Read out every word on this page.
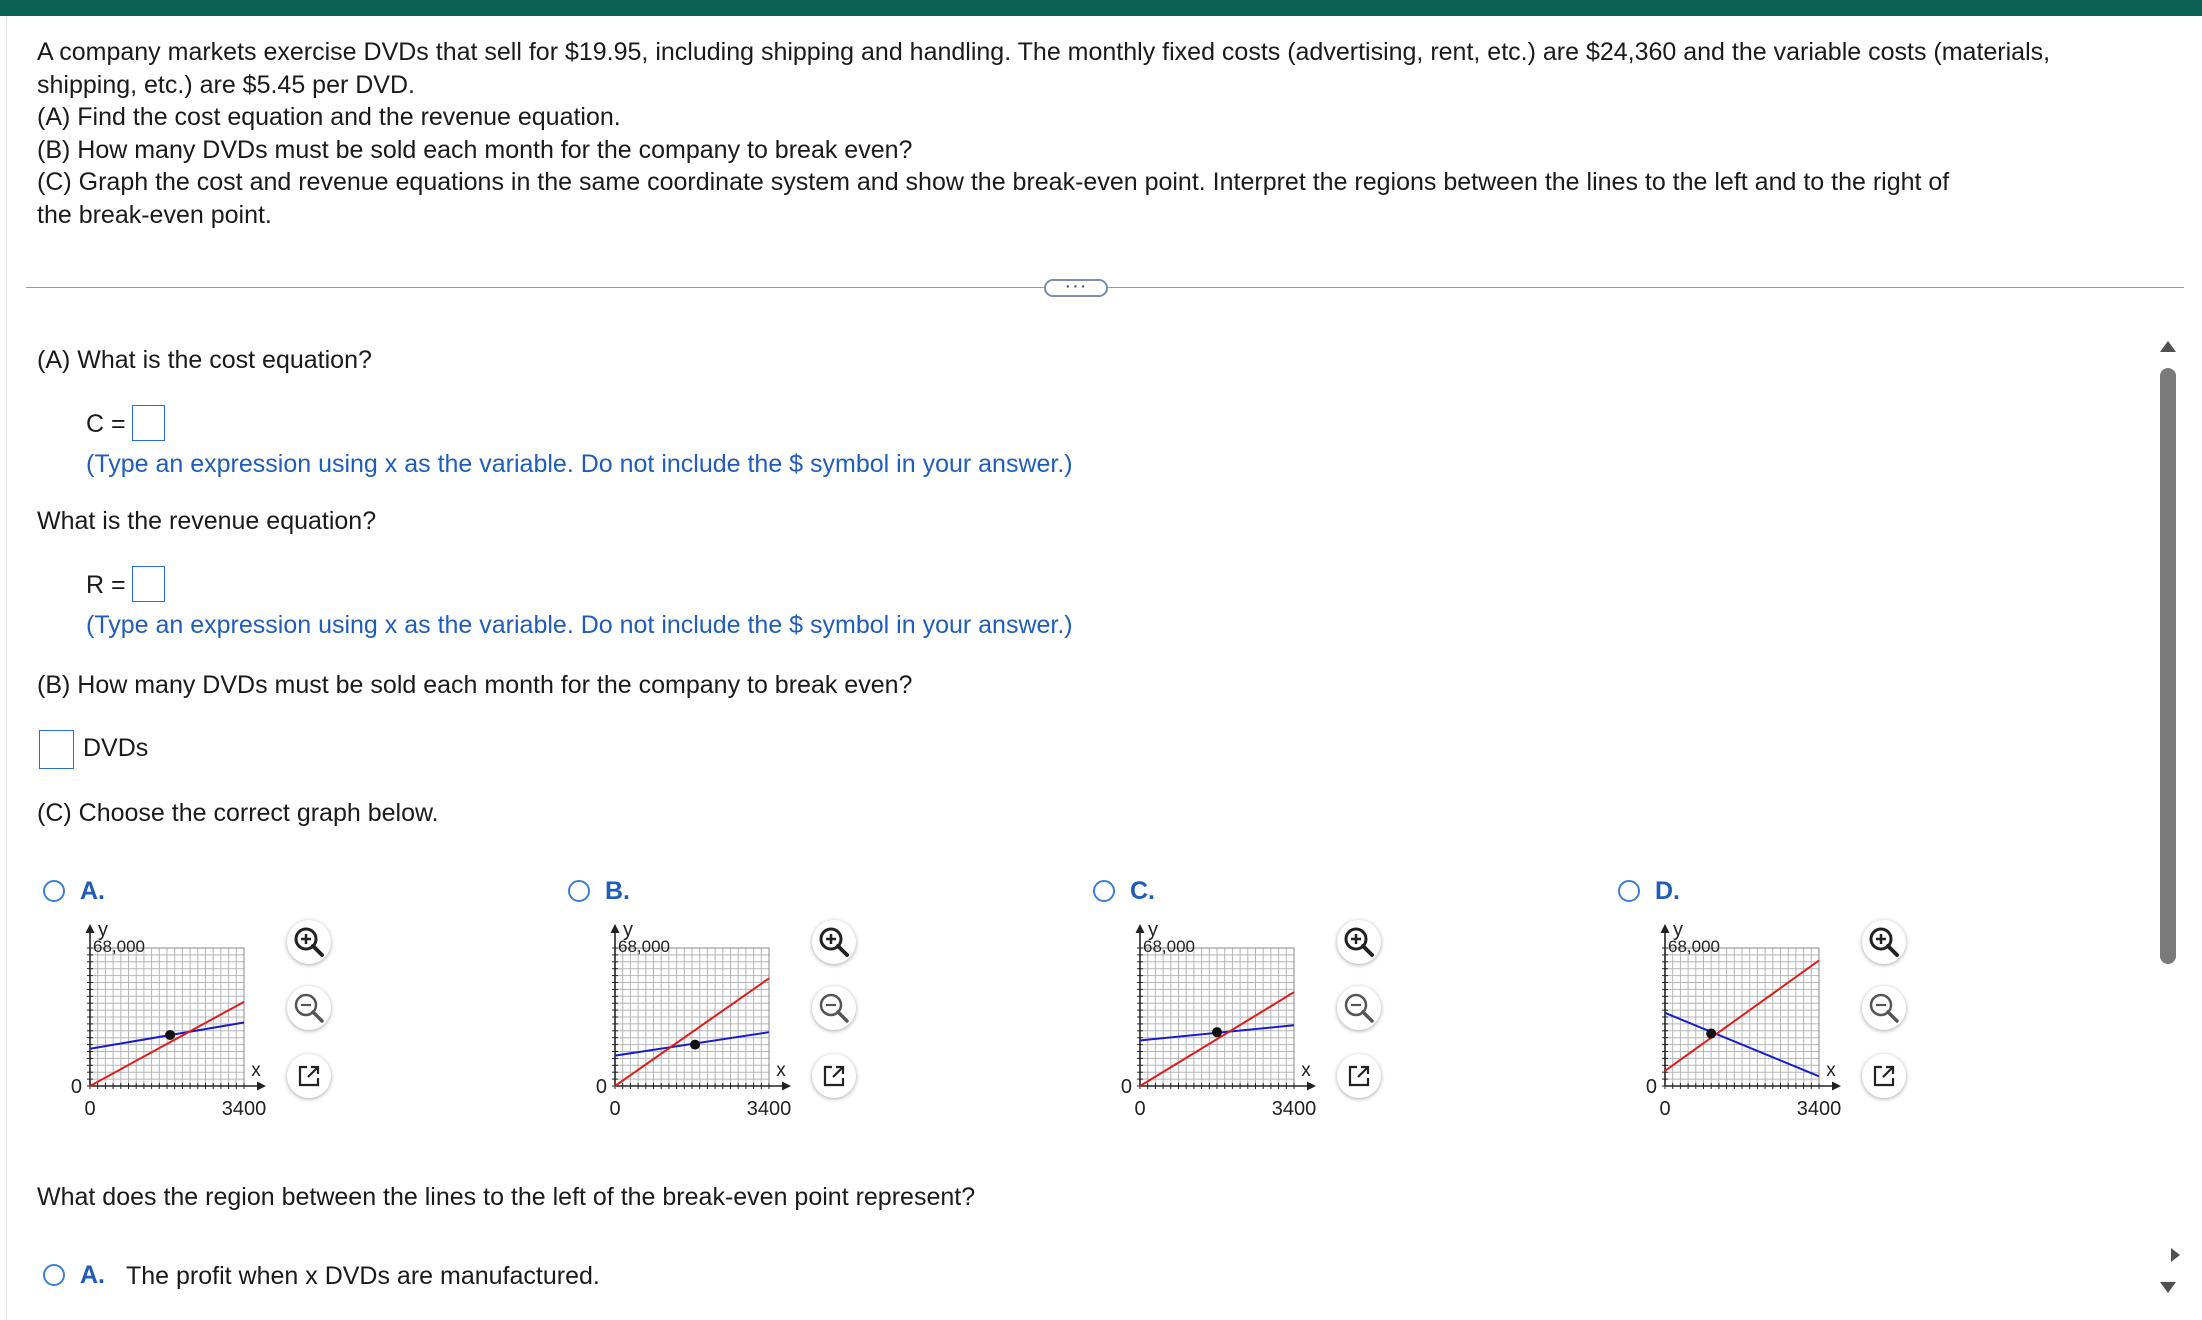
A company markets exercise DVDs that sell for $19.95, including shipping and handling. The monthly fixed costs (advertising, rent, etc.) are $24,360 and the variable costs (materials,

shipping, etc.) are $5.45 per DVD.

(A) Find the cost equation and the revenue equation.

(B) How many DVDs must be sold each month for the company to break even?

(C) Graph the cost and revenue equations in the same coordinate system and show the break-even point. Interpret the regions between the lines to the left and to the right of

the break-even point.

···
(A) What is the cost equation?
C =
(Type an expression using x as the variable. Do not include the $ symbol in your answer.)
What is the revenue equation?
R =
(Type an expression using x as the variable. Do not include the $ symbol in your answer.)
(B) How many DVDs must be sold each month for the company to break even?
DVDs
(C) Choose the correct graph below.
A.
y
68,000
x
0
0	3400
B.
y
68,000
x
0
0	3400
C.
y
68,000
x
0
0	3400
D.
y
68,000
x
0
0	3400
What does the region between the lines to the left of the break-even point represent?
A. The profit when x DVDs are manufactured.
